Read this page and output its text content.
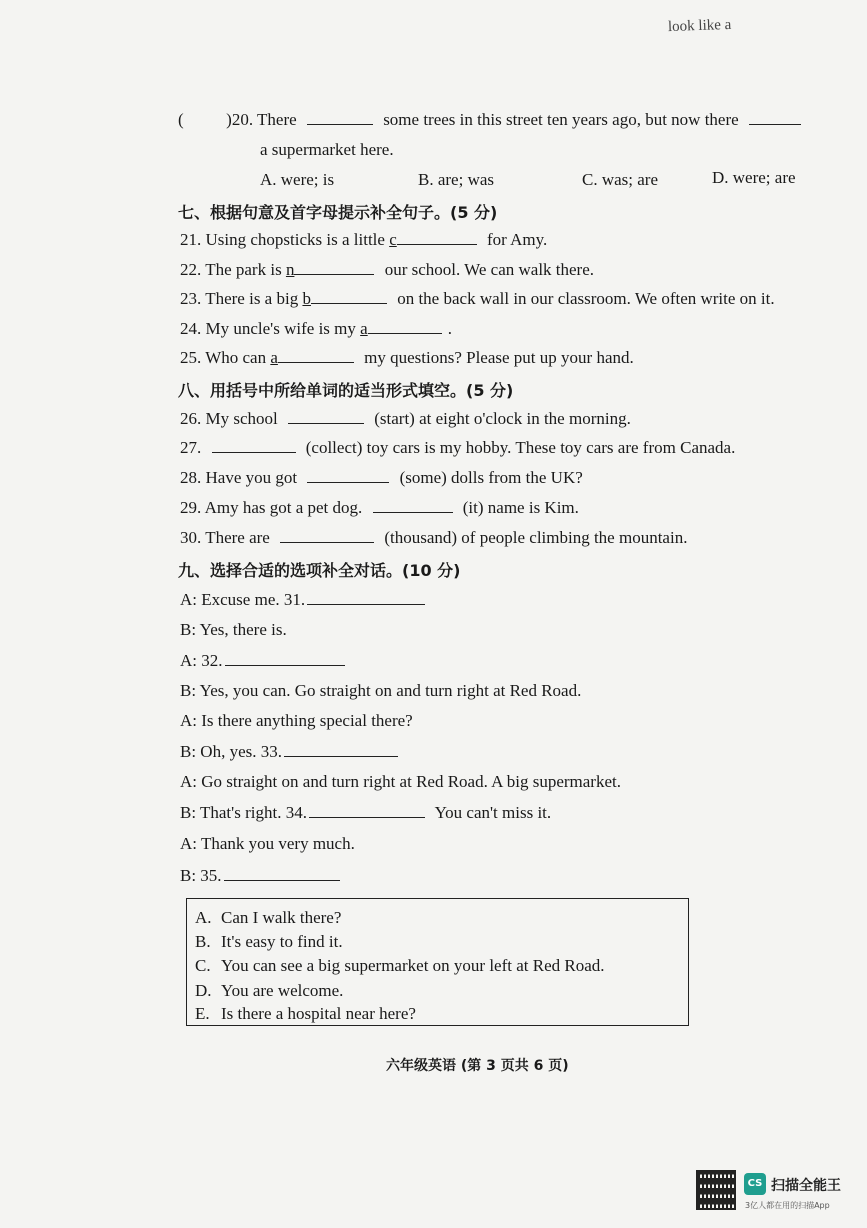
look like a
(	)20. There	some trees in this street ten years ago, but now there
a supermarket here.
A. were; is	B. are; was	C. was; are	D. were; are
七、根据句意及首字母提示补全句子。(5 分)
21. Using chopsticks is a little c	for Amy.
22. The park is n	our school. We can walk there.
23. There is a big b	on the back wall in our classroom. We often write on it.
24. My uncle's wife is my a	.
25. Who can a	my questions? Please put up your hand.
八、用括号中所给单词的适当形式填空。(5 分)
26. My school	(start) at eight o'clock in the morning.
27.	(collect) toy cars is my hobby. These toy cars are from Canada.
28. Have you got	(some) dolls from the UK?
29. Amy has got a pet dog.	(it) name is Kim.
30. There are	(thousand) of people climbing the mountain.
九、选择合适的选项补全对话。(10 分)
A: Excuse me. 31.
B: Yes, there is.
A: 32.
B: Yes, you can. Go straight on and turn right at Red Road.
A: Is there anything special there?
B: Oh, yes. 33.
A: Go straight on and turn right at Red Road. A big supermarket.
B: That's right. 34.	You can't miss it.
A: Thank you very much.
B: 35.
A. Can I walk there?
B. It's easy to find it.
C. You can see a big supermarket on your left at Red Road.
D. You are welcome.
E. Is there a hospital near here?
六年级英语 (第 3 页共 6 页)
CS 扫描全能王
3亿人都在用的扫描App
